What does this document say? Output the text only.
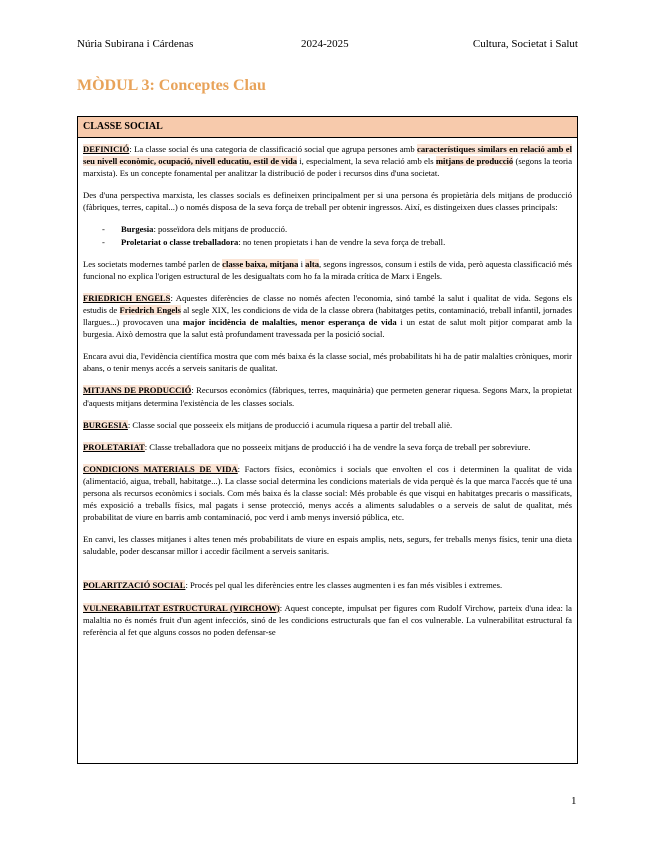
Núria Subirana i Cárdenas	2024-2025	Cultura, Societat i Salut
MÒDUL 3: Conceptes Clau
CLASSE SOCIAL

DEFINICIÓ: La classe social és una categoria de classificació social que agrupa persones amb característiques similars en relació amb el seu nivell econòmic, ocupació, nivell educatiu, estil de vida i, especialment, la seva relació amb els mitjans de producció (segons la teoria marxista). Es un concepte fonamental per analitzar la distribució de poder i recursos dins d'una societat.

Des d'una perspectiva marxista, les classes socials es defineixen principalment per si una persona és propietària dels mitjans de producció (fàbriques, terres, capital...) o només disposa de la seva força de treball per obtenir ingressos. Així, es distingeixen dues classes principals:

- Burgesia: posseïdora dels mitjans de producció.
- Proletariat o classe treballadora: no tenen propietats i han de vendre la seva força de treball.

Les societats modernes també parlen de classe baixa, mitjana i alta, segons ingressos, consum i estils de vida, però aquesta classificació més funcional no explica l'origen estructural de les desigualtats com ho fa la mirada crítica de Marx i Engels.

FRIEDRICH ENGELS: Aquestes diferències de classe no només afecten l'economia, sinó també la salut i qualitat de vida. Segons els estudis de Friedrich Engels al segle XIX, les condicions de vida de la classe obrera (habitatges petits, contaminació, treball infantil, jornades llargues...) provocaven una major incidència de malalties, menor esperança de vida i un estat de salut molt pitjor comparat amb la burgesia. Això demostra que la salut està profundament travessada per la posició social.

Encara avui dia, l'evidència científica mostra que com més baixa és la classe social, més probabilitats hi ha de patir malalties cròniques, morir abans, o tenir menys accés a serveis sanitaris de qualitat.

MITJANS DE PRODUCCIÓ: Recursos econòmics (fàbriques, terres, maquinària) que permeten generar riquesa. Segons Marx, la propietat d'aquests mitjans determina l'existència de les classes socials.

BURGESIA: Classe social que posseeix els mitjans de producció i acumula riquesa a partir del treball aliè.

PROLETARIAT: Classe treballadora que no posseeix mitjans de producció i ha de vendre la seva força de treball per sobreviure.

CONDICIONS MATERIALS DE VIDA: Factors físics, econòmics i socials que envolten el cos i determinen la qualitat de vida (alimentació, aigua, treball, habitatge...). La classe social determina les condicions materials de vida perquè és la que marca l'accés que té una persona als recursos econòmics i socials. Com més baixa és la classe social: Més probable és que visqui en habitatges precaris o massificats, més exposició a treballs físics, mal pagats i sense protecció, menys accés a aliments saludables o a serveis de salut de qualitat, més probabilitat de viure en barris amb contaminació, poc verd i amb menys inversió pública, etc.

En canvi, les classes mitjanes i altes tenen més probabilitats de viure en espais amplis, nets, segurs, fer treballs menys físics, tenir una dieta saludable, poder descansar millor i accedir fàcilment a serveis sanitaris.

POLARITZACIÓ SOCIAL: Procés pel qual les diferències entre les classes augmenten i es fan més visibles i extremes.

VULNERABILITAT ESTRUCTURAL (VIRCHOW): Aquest concepte, impulsat per figures com Rudolf Virchow, parteix d'una idea: la malaltia no és només fruit d'un agent infecciós, sinó de les condicions estructurals que fan el cos vulnerable. La vulnerabilitat estructural fa referència al fet que alguns cossos no poden defensar-se

1
